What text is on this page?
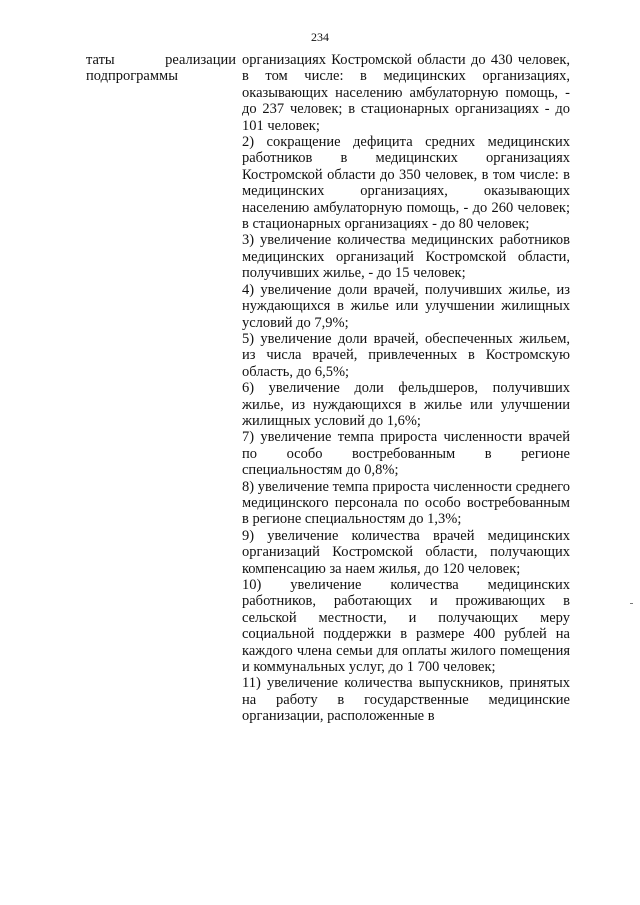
234
таты	реализации
подпрограммы

организациях Костромской области до 430 человек, в том числе: в медицинских организациях, оказывающих населению амбулаторную помощь, - до 237 человек; в стационарных организациях - до 101 человек;

2) сокращение дефицита средних медицинских работников в медицинских организациях Костромской области до 350 человек, в том числе: в медицинских организациях, оказывающих населению амбулаторную помощь, - до 260 человек; в стационарных организациях - до 80 человек;

3) увеличение количества медицинских работников медицинских организаций Костромской области, получивших жилье, - до 15 человек;

4) увеличение доли врачей, получивших жилье, из нуждающихся в жилье или улучшении жилищных условий до 7,9%;

5) увеличение доли врачей, обеспеченных жильем, из числа врачей, привлеченных в Костромскую область, до 6,5%;

6) увеличение доли фельдшеров, получивших жилье, из нуждающихся в жилье или улучшении жилищных условий до 1,6%;

7) увеличение темпа прироста численности врачей по особо востребованным в регионе специальностям до 0,8%;

8) увеличение темпа прироста численности среднего медицинского персонала по особо востребованным в регионе специальностям до 1,3%;

9) увеличение количества врачей медицинских организаций Костромской области, получающих компенсацию за наем жилья, до 120 человек;

10) увеличение количества медицинских работников, работающих и проживающих в сельской местности, и получающих меру социальной поддержки в размере 400 рублей на каждого члена семьи для оплаты жилого помещения и коммунальных услуг, до 1 700 человек;

11) увеличение количества выпускников, принятых на работу в государственные медицинские организации, расположенные в
